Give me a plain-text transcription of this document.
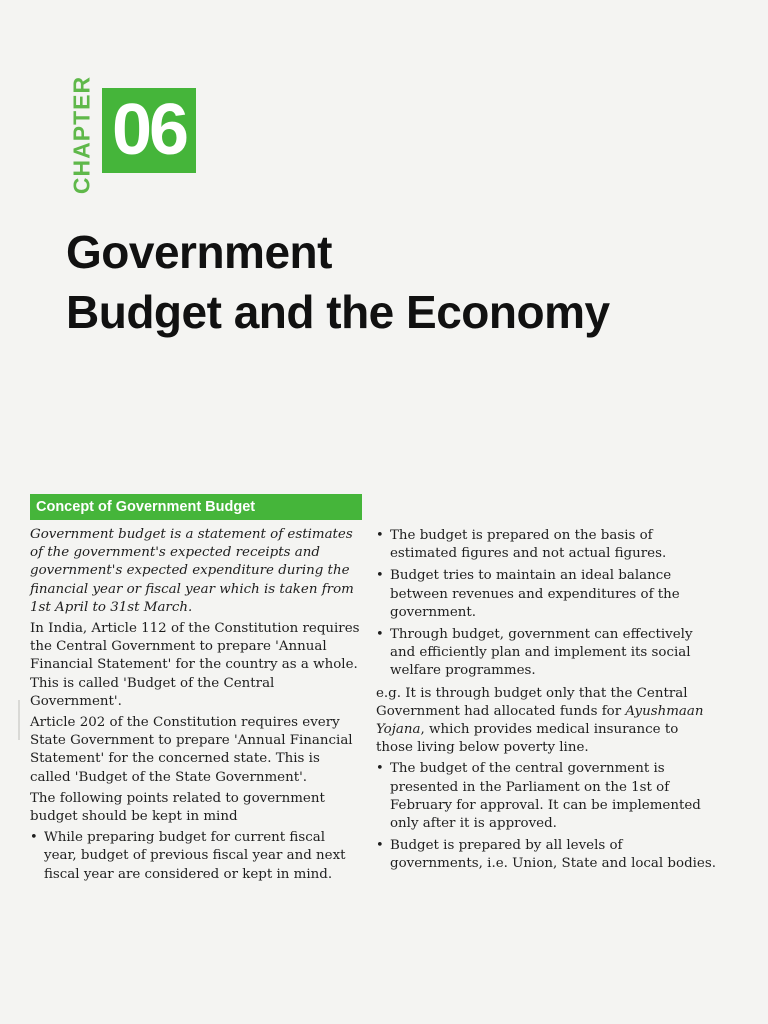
CHAPTER 06
Government
Budget and the Economy
Concept of Government Budget

Government budget is a statement of estimates of the government's expected receipts and government's expected expenditure during the financial year or fiscal year which is taken from 1st April to 31st March.

In India, Article 112 of the Constitution requires the Central Government to prepare 'Annual Financial Statement' for the country as a whole. This is called 'Budget of the Central Government'.

Article 202 of the Constitution requires every State Government to prepare 'Annual Financial Statement' for the concerned state. This is called 'Budget of the State Government'.

The following points related to government budget should be kept in mind

• While preparing budget for current fiscal year, budget of previous fiscal year and next fiscal year are considered or kept in mind.
• The budget is prepared on the basis of estimated figures and not actual figures.
• Budget tries to maintain an ideal balance between revenues and expenditures of the government.
• Through budget, government can effectively and efficiently plan and implement its social welfare programmes.

e.g. It is through budget only that the Central Government had allocated funds for Ayushmaan Yojana, which provides medical insurance to those living below poverty line.

• The budget of the central government is presented in the Parliament on the 1st of February for approval. It can be implemented only after it is approved.
• Budget is prepared by all levels of governments, i.e. Union, State and local bodies.
